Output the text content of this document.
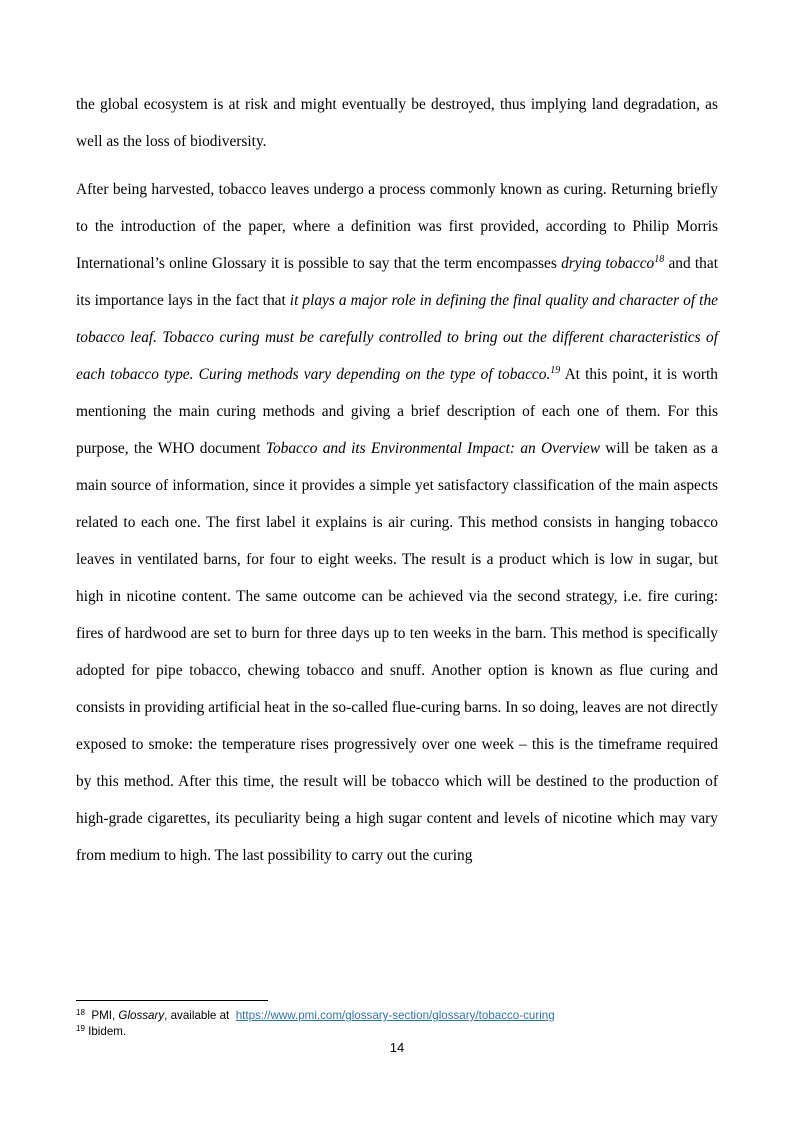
the global ecosystem is at risk and might eventually be destroyed, thus implying land degradation, as well as the loss of biodiversity.

After being harvested, tobacco leaves undergo a process commonly known as curing. Returning briefly to the introduction of the paper, where a definition was first provided, according to Philip Morris International’s online Glossary it is possible to say that the term encompasses drying tobacco$^{18}$ and that its importance lays in the fact that it plays a major role in defining the final quality and character of the tobacco leaf. Tobacco curing must be carefully controlled to bring out the different characteristics of each tobacco type. Curing methods vary depending on the type of tobacco.$^{19}$ At this point, it is worth mentioning the main curing methods and giving a brief description of each one of them. For this purpose, the WHO document Tobacco and its Environmental Impact: an Overview will be taken as a main source of information, since it provides a simple yet satisfactory classification of the main aspects related to each one. The first label it explains is air curing. This method consists in hanging tobacco leaves in ventilated barns, for four to eight weeks. The result is a product which is low in sugar, but high in nicotine content. The same outcome can be achieved via the second strategy, i.e. fire curing: fires of hardwood are set to burn for three days up to ten weeks in the barn. This method is specifically adopted for pipe tobacco, chewing tobacco and snuff. Another option is known as flue curing and consists in providing artificial heat in the so-called flue-curing barns. In so doing, leaves are not directly exposed to smoke: the temperature rises progressively over one week – this is the timeframe required by this method. After this time, the result will be tobacco which will be destined to the production of high-grade cigarettes, its peculiarity being a high sugar content and levels of nicotine which may vary from medium to high. The last possibility to carry out the curing

$^{18}$ PMI, Glossary, available at  https://www.pmi.com/glossary-section/glossary/tobacco-curing

$^{19}$ Ibidem.

14
